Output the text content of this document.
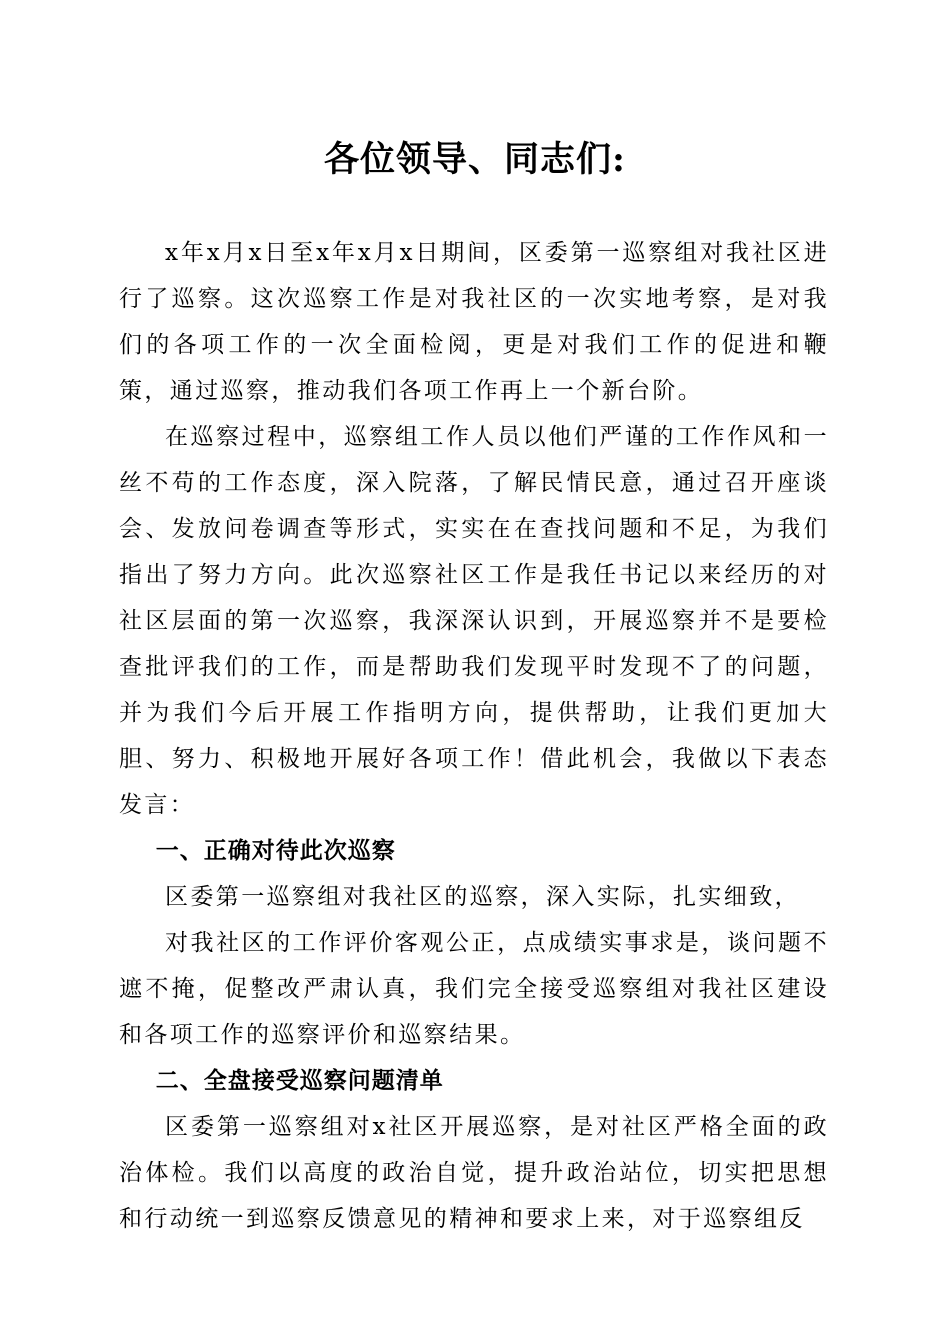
各位领导、同志们:

x年x月x日至x年x月x日期间，区委第一巡察组对我社区进行了巡察。这次巡察工作是对我社区的一次实地考察，是对我们的各项工作的一次全面检阅，更是对我们工作的促进和鞭策，通过巡察，推动我们各项工作再上一个新台阶。

在巡察过程中，巡察组工作人员以他们严谨的工作作风和一丝不苟的工作态度，深入院落，了解民情民意，通过召开座谈会、发放问卷调查等形式，实实在在查找问题和不足，为我们指出了努力方向。此次巡察社区工作是我任书记以来经历的对社区层面的第一次巡察，我深深认识到，开展巡察并不是要检查批评我们的工作，而是帮助我们发现平时发现不了的问题，并为我们今后开展工作指明方向，提供帮助，让我们更加大胆、努力、积极地开展好各项工作！借此机会，我做以下表态发言：

一、正确对待此次巡察

区委第一巡察组对我社区的巡察，深入实际，扎实细致，

对我社区的工作评价客观公正，点成绩实事求是，谈问题不遮不掩，促整改严肃认真，我们完全接受巡察组对我社区建设和各项工作的巡察评价和巡察结果。

二、全盘接受巡察问题清单

区委第一巡察组对x社区开展巡察，是对社区严格全面的政治体检。我们以高度的政治自觉，提升政治站位，切实把思想和行动统一到巡察反馈意见的精神和要求上来，对于巡察组反
